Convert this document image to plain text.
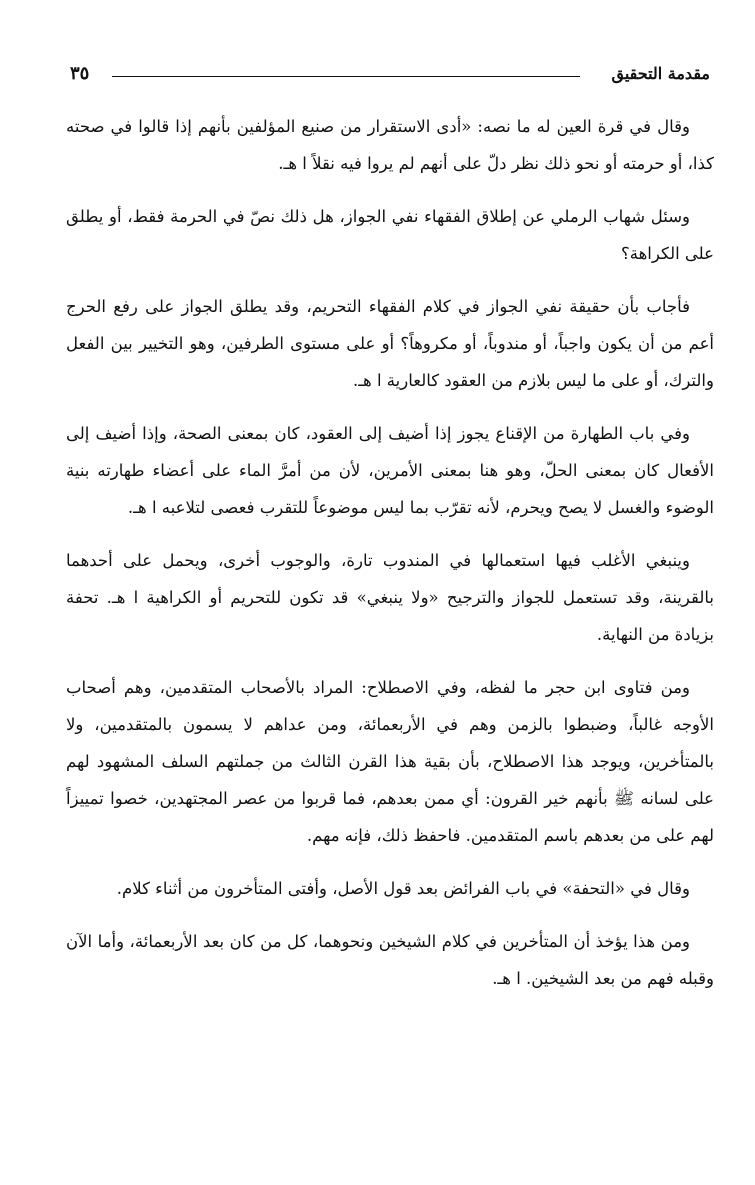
٣٥	مقدمة التحقيق

وقال في قرة العين له ما نصه: «أدى الاستقرار من صنيع المؤلفين بأنهم إذا قالوا في صحته كذا، أو حرمته أو نحو ذلك نظر دلّ على أنهم لم يروا فيه نقلاً ا هـ.

وسئل شهاب الرملي عن إطلاق الفقهاء نفي الجواز، هل ذلك نصّ في الحرمة فقط، أو يطلق على الكراهة؟

فأجاب بأن حقيقة نفي الجواز في كلام الفقهاء التحريم، وقد يطلق الجواز على رفع الحرج أعم من أن يكون واجباً، أو مندوباً، أو مكروهاً؟ أو على مستوى الطرفين، وهو التخيير بين الفعل والترك، أو على ما ليس بلازم من العقود كالعارية ا هـ.

وفي باب الطهارة من الإقناع يجوز إذا أضيف إلى العقود، كان بمعنى الصحة، وإذا أضيف إلى الأفعال كان بمعنى الحلّ، وهو هنا بمعنى الأمرين، لأن من أمرَّ الماء على أعضاء طهارته بنية الوضوء والغسل لا يصح ويحرم، لأنه تقرّب بما ليس موضوعاً للتقرب فعصى لتلاعبه ا هـ.

وينبغي الأغلب فيها استعمالها في المندوب تارة، والوجوب أخرى، ويحمل على أحدهما بالقرينة، وقد تستعمل للجواز والترجيح «ولا ينبغي» قد تكون للتحريم أو الكراهية ا هـ. تحفة بزيادة من النهاية.

ومن فتاوى ابن حجر ما لفظه، وفي الاصطلاح: المراد بالأصحاب المتقدمين، وهم أصحاب الأوجه غالباً، وضبطوا بالزمن وهم في الأربعمائة، ومن عداهم لا يسمون بالمتقدمين، ولا بالمتأخرين، ويوجد هذا الاصطلاح، بأن بقية هذا القرن الثالث من جملتهم السلف المشهود لهم على لسانه ﷺ بأنهم خير القرون: أي ممن بعدهم، فما قربوا من عصر المجتهدين، خصوا تمييزاً لهم على من بعدهم باسم المتقدمين. فاحفظ ذلك، فإنه مهم.

وقال في «التحفة» في باب الفرائض بعد قول الأصل، وأفتى المتأخرون من أثناء كلام.

ومن هذا يؤخذ أن المتأخرين في كلام الشيخين ونحوهما، كل من كان بعد الأربعمائة، وأما الآن وقبله فهم من بعد الشيخين. ا هـ.
